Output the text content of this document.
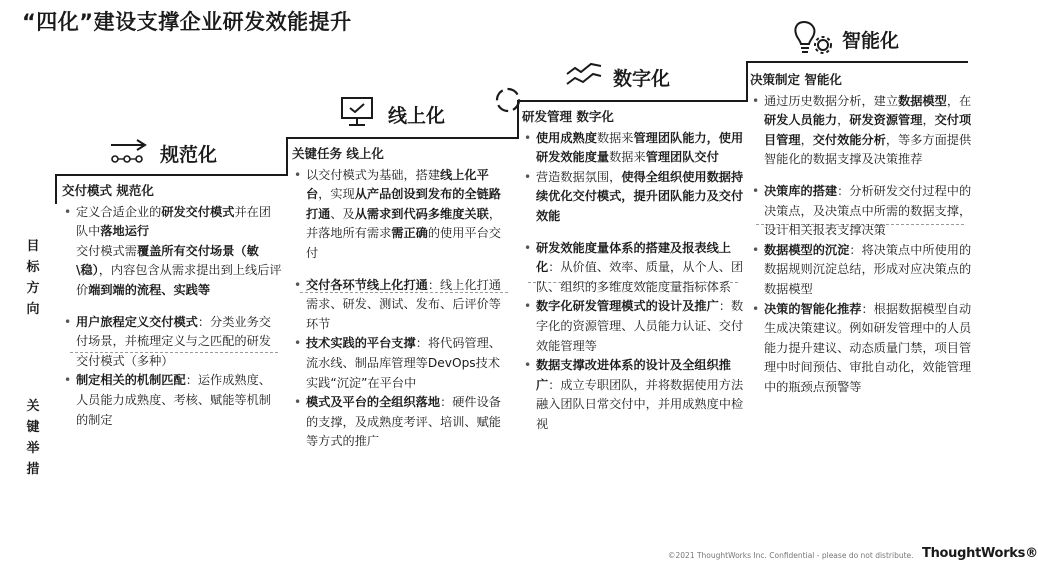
“四化”建设支撑企业研发效能提升
规范化
线上化
数字化
智能化
目
标
方
向
关
键
举
措
交付模式 规范化
• 定义合适企业的研发交付模式并在团队中落地运行
交付模式需覆盖所有交付场景（敏\稳），内容包含从需求提出到上线后评价端到端的流程、实践等
• 用户旅程定义交付模式：分类业务交付场景，并梳理定义与之匹配的研发交付模式（多种）
• 制定相关的机制匹配：运作成熟度、人员能力成熟度、考核、赋能等机制的制定
关键任务 线上化
• 以交付模式为基础，搭建线上化平台，实现从产品创设到发布的全链路打通、及从需求到代码多维度关联，并落地所有需求需正确的使用平台交付
• 交付各环节线上化打通：线上化打通需求、研发、测试、发布、后评价等环节
• 技术实践的平台支撑：将代码管理、流水线、制品库管理等DevOps技术实践“沉淀”在平台中
• 模式及平台的全组织落地：硬件设备的支撑，及成熟度考评、培训、赋能等方式的推广
研发管理 数字化
• 使用成熟度数据来管理团队能力，使用研发效能度量数据来管理团队交付
• 营造数据氛围，使得全组织使用数据持续优化交付模式，提升团队能力及交付效能
• 研发效能度量体系的搭建及报表线上化：从价值、效率、质量，从个人、团队、组织的多维度效能度量指标体系
• 数字化研发管理模式的设计及推广：数字化的资源管理、人员能力认证、交付效能管理等
• 数据支撑改进体系的设计及全组织推广：成立专职团队，并将数据使用方法融入团队日常交付中，并用成熟度中检视
决策制定 智能化
• 通过历史数据分析，建立数据模型，在研发人员能力，研发资源管理，交付项目管理，交付效能分析，等多方面提供智能化的数据支撑及决策推荐
• 决策库的搭建：分析研发交付过程中的决策点，及决策点中所需的数据支撑，设计相关报表支撑决策
• 数据模型的沉淀：将决策点中所使用的数据规则沉淀总结，形成对应决策点的数据模型
• 决策的智能化推荐：根据数据模型自动生成决策建议。例如研发管理中的人员能力提升建议、动态质量门禁，项目管理中时间预估、审批自动化，效能管理中的瓶颈点预警等
©2021 ThoughtWorks Inc. Confidential - please do not distribute. ThoughtWorks®
